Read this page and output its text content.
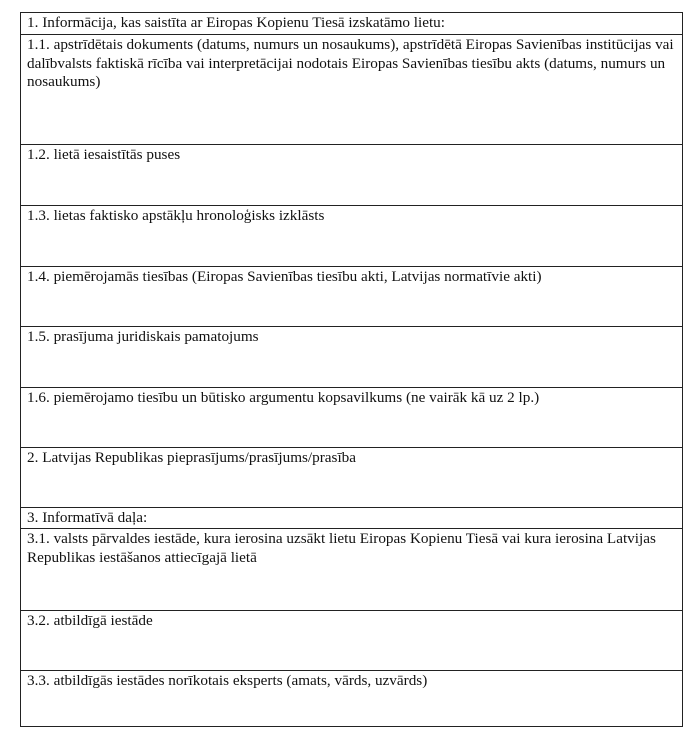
1. Informācija, kas saistīta ar Eiropas Kopienu Tiesā izskatāmo lietu:
1.1. apstrīdētais dokuments (datums, numurs un nosaukums), apstrīdētā Eiropas Savienības institūcijas vai dalībvalsts faktiskā rīcība vai interpretācijai nodotais Eiropas Savienības tiesību akts (datums, numurs un nosaukums)
1.2. lietā iesaistītās puses
1.3. lietas faktisko apstākļu hronoloģisks izklāsts
1.4. piemērojamās tiesības (Eiropas Savienības tiesību akti, Latvijas normatīvie akti)
1.5. prasījuma juridiskais pamatojums
1.6. piemērojamo tiesību un būtisko argumentu kopsavilkums (ne vairāk kā uz 2 lp.)
2. Latvijas Republikas pieprasījums/prasījums/prasība
3. Informatīvā daļa:
3.1. valsts pārvaldes iestāde, kura ierosina uzsākt lietu Eiropas Kopienu Tiesā vai kura ierosina Latvijas Republikas iestāšanos attiecīgajā lietā
3.2. atbildīgā iestāde
3.3. atbildīgās iestādes norīkotais eksperts (amats, vārds, uzvārds)
